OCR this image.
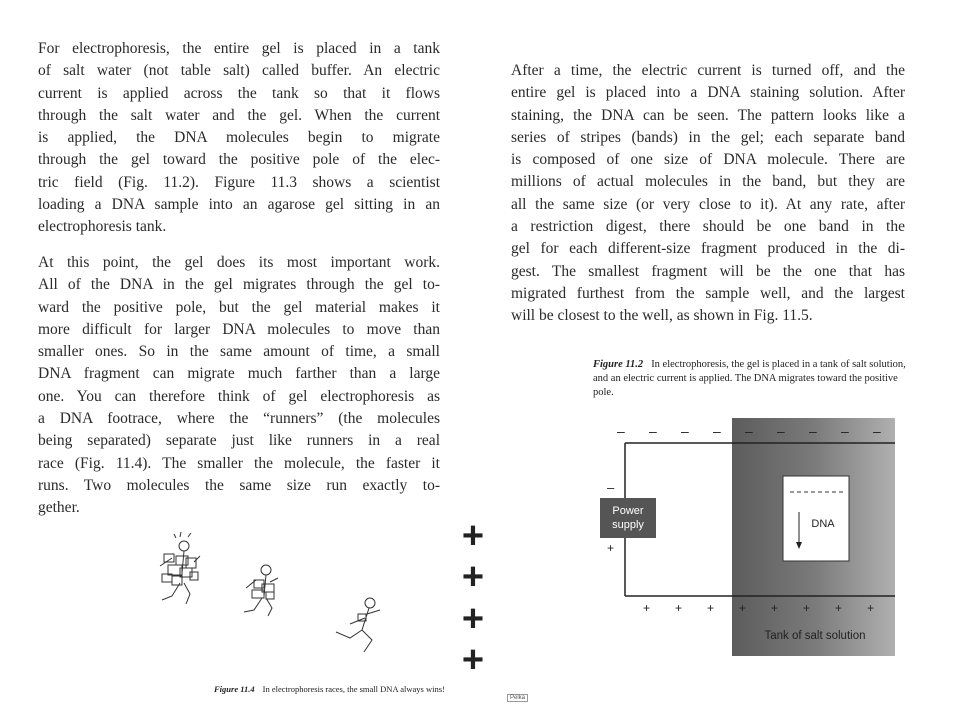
For electrophoresis, the entire gel is placed in a tank
of salt water (not table salt) called buffer. An electric
current is applied across the tank so that it flows
through the salt water and the gel. When the current
is applied, the DNA molecules begin to migrate
through the gel toward the positive pole of the elec-
tric field (Fig. 11.2). Figure 11.3 shows a scientist
loading a DNA sample into an agarose gel sitting in an
electrophoresis tank.
At this point, the gel does its most important work.
All of the DNA in the gel migrates through the gel to-
ward the positive pole, but the gel material makes it
more difficult for larger DNA molecules to move than
smaller ones. So in the same amount of time, a small
DNA fragment can migrate much farther than a large
one. You can therefore think of gel electrophoresis as
a DNA footrace, where the “runners” (the molecules
being separated) separate just like runners in a real
race (Fig. 11.4). The smaller the molecule, the faster it
runs. Two molecules the same size run exactly to-
gether.
After a time, the electric current is turned off, and the
entire gel is placed into a DNA staining solution. After
staining, the DNA can be seen. The pattern looks like a
series of stripes (bands) in the gel; each separate band
is composed of one size of DNA molecule. There are
millions of actual molecules in the band, but they are
all the same size (or very close to it). At any rate, after
a restriction digest, there should be one band in the
gel for each different-size fragment produced in the di-
gest. The smallest fragment will be the one that has
migrated furthest from the sample well, and the largest
will be closest to the well, as shown in Fig. 11.5.
Figure 11.2 In electrophoresis, the gel is placed in a tank of salt solution, and an electric current is applied. The DNA migrates toward the positive pole.
– – – – – – – – –
+ + + + + + + +
Power
supply
–
+
DNA
Tank of salt solution
+
+
+
+
Figure 11.4 In electrophoresis races, the small DNA always wins!
Pelka
